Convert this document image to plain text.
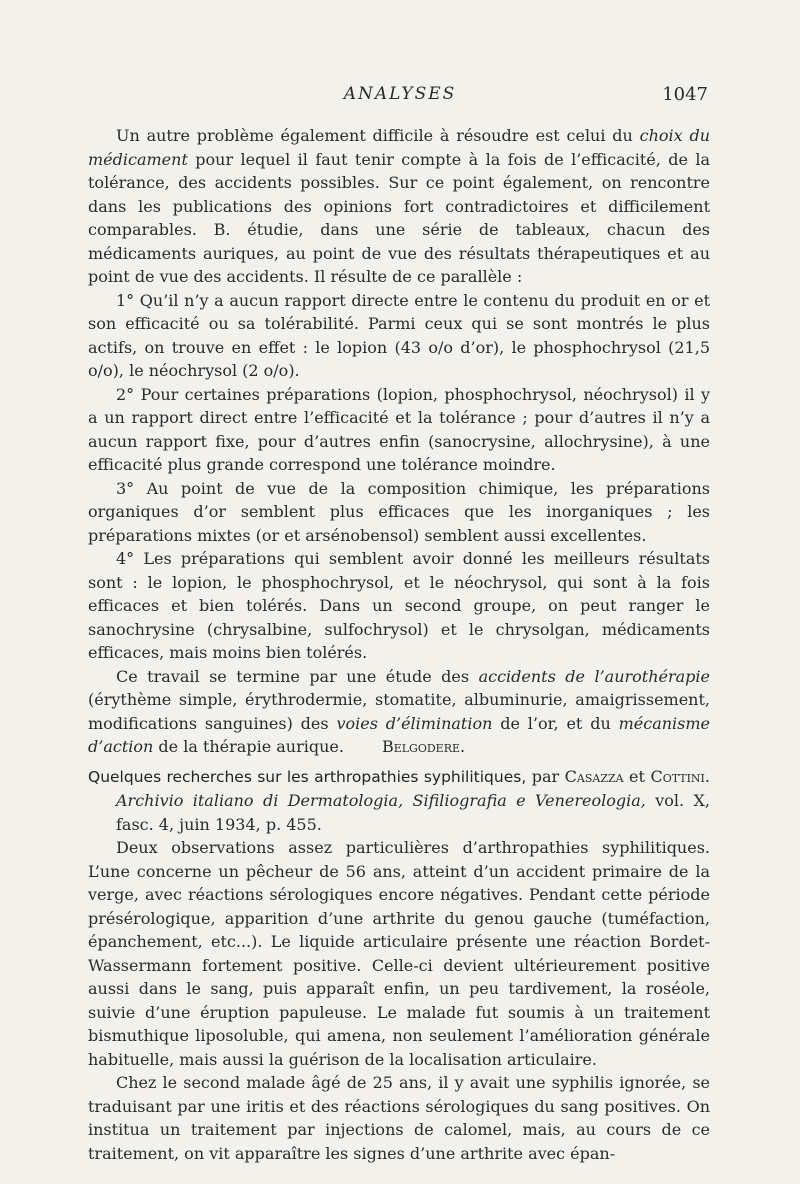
ANALYSES	1047

Un autre problème également difficile à résoudre est celui du choix du médicament pour lequel il faut tenir compte à la fois de l’efficacité, de la tolérance, des accidents possibles. Sur ce point également, on rencontre dans les publications des opinions fort contradictoires et difficilement comparables. B. étudie, dans une série de tableaux, chacun des médicaments auriques, au point de vue des résultats thérapeutiques et au point de vue des accidents. Il résulte de ce parallèle :

1° Qu’il n’y a aucun rapport directe entre le contenu du produit en or et son efficacité ou sa tolérabilité. Parmi ceux qui se sont montrés le plus actifs, on trouve en effet : le lopion (43 o/o d’or), le phosphochrysol (21,5 o/o), le néochrysol (2 o/o).

2° Pour certaines préparations (lopion, phosphochrysol, néochrysol) il y a un rapport direct entre l’efficacité et la tolérance ; pour d’autres il n’y a aucun rapport fixe, pour d’autres enfin (sanocrysine, allochrysine), à une efficacité plus grande correspond une tolérance moindre.

3° Au point de vue de la composition chimique, les préparations organiques d’or semblent plus efficaces que les inorganiques ; les préparations mixtes (or et arsénobensol) semblent aussi excellentes.

4° Les préparations qui semblent avoir donné les meilleurs résultats sont : le lopion, le phosphochrysol, et le néochrysol, qui sont à la fois efficaces et bien tolérés. Dans un second groupe, on peut ranger le sanochrysine (chrysalbine, sulfochrysol) et le chrysolgan, médicaments efficaces, mais moins bien tolérés.

Ce travail se termine par une étude des accidents de l’aurothérapie (érythème simple, érythrodermie, stomatite, albuminurie, amaigrissement, modifications sanguines) des voies d’élimination de l’or, et du mécanisme d’action de la thérapie aurique. Belgodere.

Quelques recherches sur les arthropathies syphilitiques, par Casazza et Cottini. Archivio italiano di Dermatologia, Sifiliografia e Venereologia, vol. X, fasc. 4, juin 1934, p. 455.

Deux observations assez particulières d’arthropathies syphilitiques. L’une concerne un pêcheur de 56 ans, atteint d’un accident primaire de la verge, avec réactions sérologiques encore négatives. Pendant cette période présérologique, apparition d’une arthrite du genou gauche (tuméfaction, épanchement, etc...). Le liquide articulaire présente une réaction Bordet-Wassermann fortement positive. Celle-ci devient ultérieurement positive aussi dans le sang, puis apparaît enfin, un peu tardivement, la roséole, suivie d’une éruption papuleuse. Le malade fut soumis à un traitement bismuthique liposoluble, qui amena, non seulement l’amélioration générale habituelle, mais aussi la guérison de la localisation articulaire.

Chez le second malade âgé de 25 ans, il y avait une syphilis ignorée, se traduisant par une iritis et des réactions sérologiques du sang positives. On institua un traitement par injections de calomel, mais, au cours de ce traitement, on vit apparaître les signes d’une arthrite avec épan-
